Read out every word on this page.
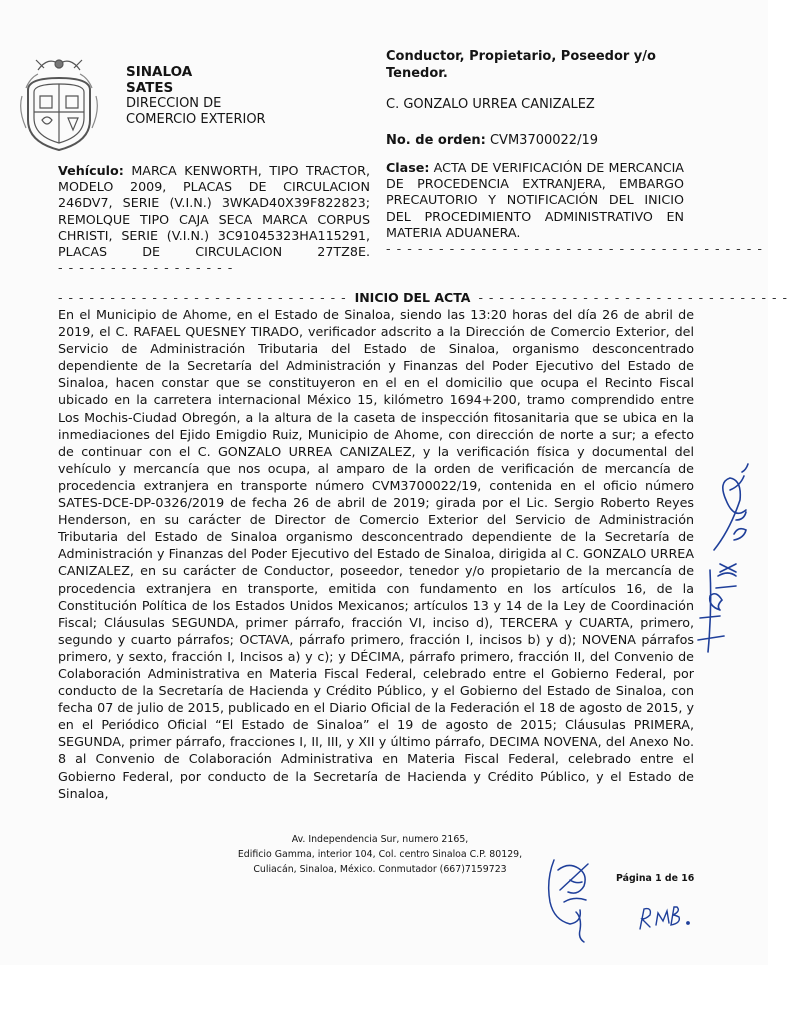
SINALOA
SATES
DIRECCION DE
COMERCIO EXTERIOR
Conductor, Propietario, Poseedor y/o Tenedor.
C. GONZALO URREA CANIZALEZ
No. de orden: CVM3700022/19
Vehículo: MARCA KENWORTH, TIPO TRACTOR, MODELO 2009, PLACAS DE CIRCULACION 246DV7, SERIE (V.I.N.) 3WKAD40X39F822823; REMOLQUE TIPO CAJA SECA MARCA CORPUS CHRISTI, SERIE (V.I.N.) 3C91045323HA115291, PLACAS DE CIRCULACION 27TZ8E. - - - - - - - - - - - - - - - - -
Clase: ACTA DE VERIFICACIÓN DE MERCANCIA DE PROCEDENCIA EXTRANJERA, EMBARGO PRECAUTORIO Y NOTIFICACIÓN DEL INICIO DEL PROCEDIMIENTO ADMINISTRATIVO EN MATERIA ADUANERA.
- - - - - - - - - - - - - - - - - - - - - - - - - - - - - - - - - - - -
- - - - - - - - - - - - - - - - - - - - - - - - - - - - INICIO DEL ACTA - - - - - - - - - - - - - - - - - - - - - - - - - - - - - -
En el Municipio de Ahome, en el Estado de Sinaloa, siendo las 13:20 horas del día 26 de abril de 2019, el C. RAFAEL QUESNEY TIRADO, verificador adscrito a la Dirección de Comercio Exterior, del Servicio de Administración Tributaria del Estado de Sinaloa, organismo desconcentrado dependiente de la Secretaría del Administración y Finanzas del Poder Ejecutivo del Estado de Sinaloa, hacen constar que se constituyeron en el en el domicilio que ocupa el Recinto Fiscal ubicado en la carretera internacional México 15, kilómetro 1694+200, tramo comprendido entre Los Mochis-Ciudad Obregón, a la altura de la caseta de inspección fitosanitaria que se ubica en la inmediaciones del Ejido Emigdio Ruiz, Municipio de Ahome, con dirección de norte a sur; a efecto de continuar con el C. GONZALO URREA CANIZALEZ, y la verificación física y documental del vehículo y mercancía que nos ocupa, al amparo de la orden de verificación de mercancía de procedencia extranjera en transporte número CVM3700022/19, contenida en el oficio número SATES-DCE-DP-0326/2019 de fecha 26 de abril de 2019; girada por el Lic. Sergio Roberto Reyes Henderson, en su carácter de Director de Comercio Exterior del Servicio de Administración Tributaria del Estado de Sinaloa organismo desconcentrado dependiente de la Secretaría de Administración y Finanzas del Poder Ejecutivo del Estado de Sinaloa, dirigida al C. GONZALO URREA CANIZALEZ, en su carácter de Conductor, poseedor, tenedor y/o propietario de la mercancía de procedencia extranjera en transporte, emitida con fundamento en los artículos 16, de la Constitución Política de los Estados Unidos Mexicanos; artículos 13 y 14 de la Ley de Coordinación Fiscal; Cláusulas SEGUNDA, primer párrafo, fracción VI, inciso d), TERCERA y CUARTA, primero, segundo y cuarto párrafos; OCTAVA, párrafo primero, fracción I, incisos b) y d); NOVENA párrafos primero, y sexto, fracción I, Incisos a) y c); y DÉCIMA, párrafo primero, fracción II, del Convenio de Colaboración Administrativa en Materia Fiscal Federal, celebrado entre el Gobierno Federal, por conducto de la Secretaría de Hacienda y Crédito Público, y el Gobierno del Estado de Sinaloa, con fecha 07 de julio de 2015, publicado en el Diario Oficial de la Federación el 18 de agosto de 2015, y en el Periódico Oficial “El Estado de Sinaloa” el 19 de agosto de 2015; Cláusulas PRIMERA, SEGUNDA, primer párrafo, fracciones I, II, III, y XII y último párrafo, DECIMA NOVENA, del Anexo No. 8 al Convenio de Colaboración Administrativa en Materia Fiscal Federal, celebrado entre el Gobierno Federal, por conducto de la Secretaría de Hacienda y Crédito Público, y el Estado de Sinaloa,
Av. Independencia Sur, numero 2165,
Edificio Gamma, interior 104, Col. centro Sinaloa C.P. 80129,
Culiacán, Sinaloa, México. Conmutador (667)7159723
Página 1 de 16
